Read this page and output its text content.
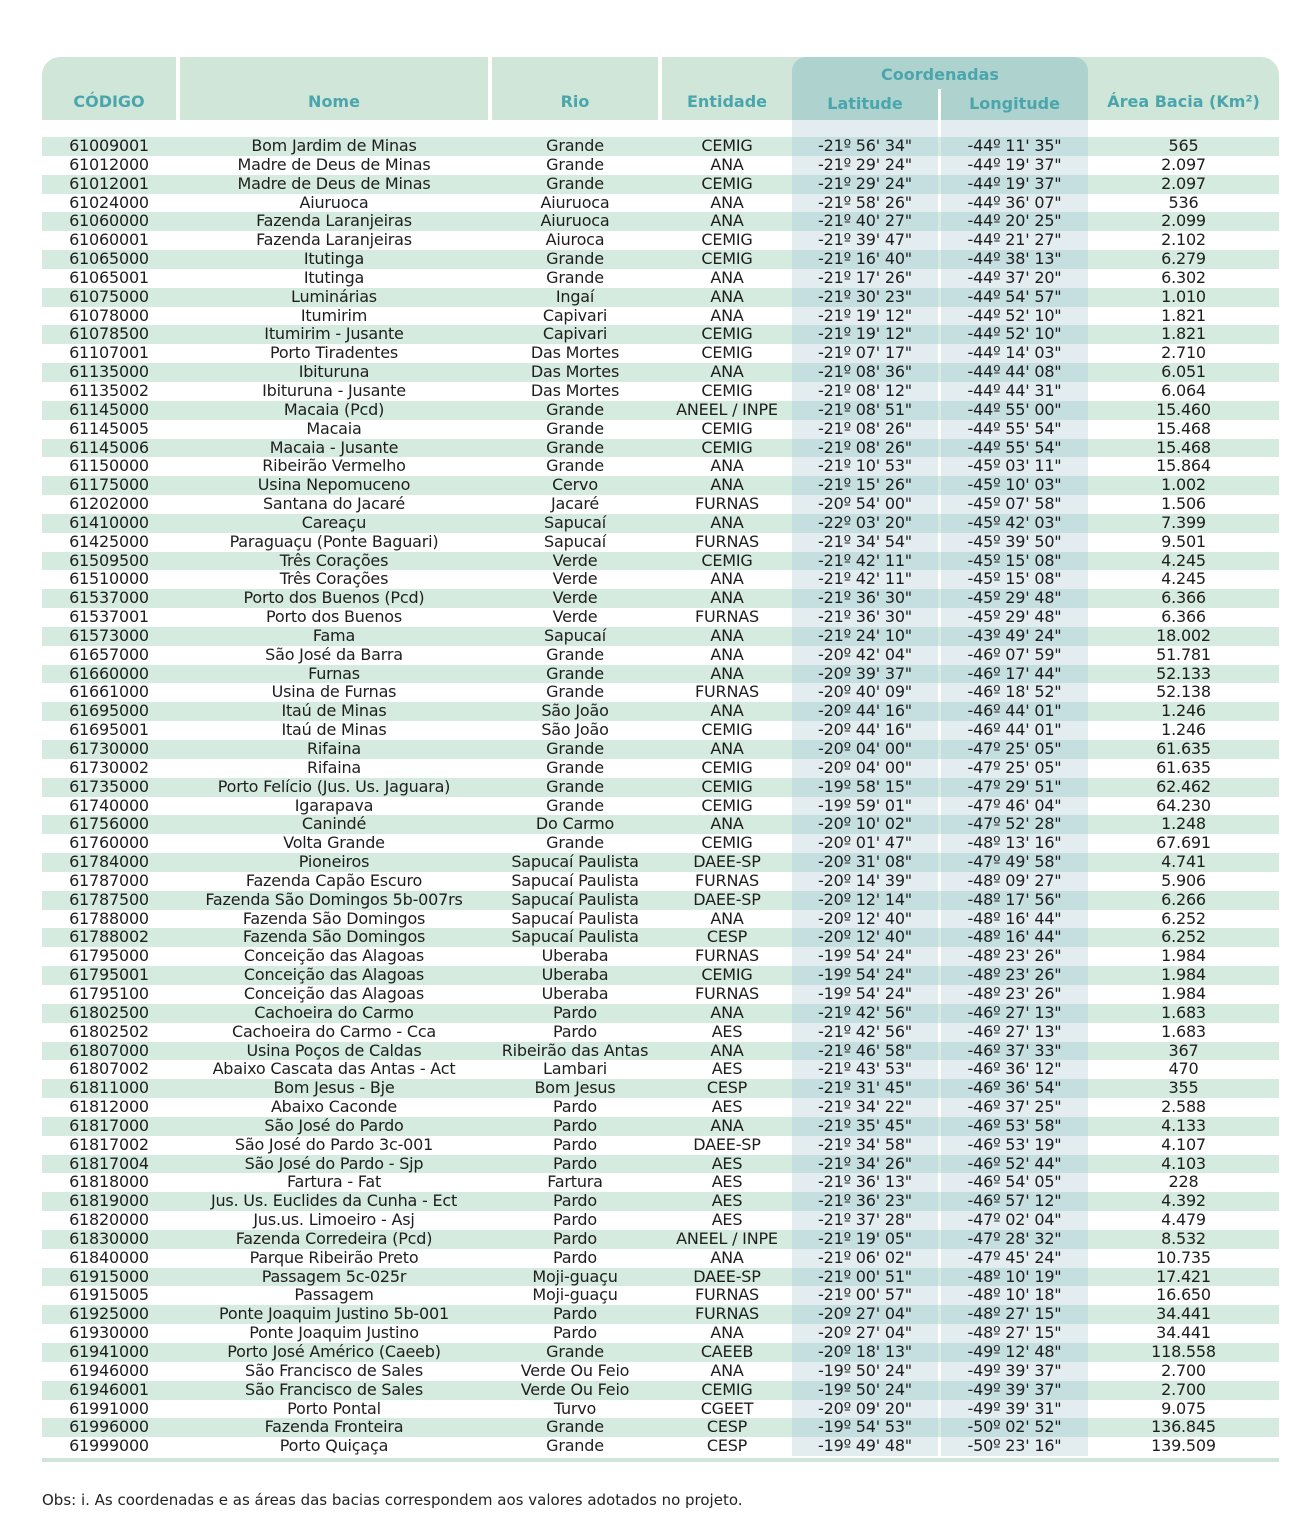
CÓDIGO	Nome	Rio	Entidade
Coordenadas
Latitude	Longitude	Área Bacia (Km²)
61009001	Bom Jardim de Minas	Grande	CEMIG	-21º 56' 34"	-44º 11' 35"	565
61012000	Madre de Deus de Minas	Grande	ANA	-21º 29' 24"	-44º 19' 37"	2.097
61012001	Madre de Deus de Minas	Grande	CEMIG	-21º 29' 24"	-44º 19' 37"	2.097
61024000	Aiuruoca	Aiuruoca	ANA	-21º 58' 26"	-44º 36' 07"	536
61060000	Fazenda Laranjeiras	Aiuruoca	ANA	-21º 40' 27"	-44º 20' 25"	2.099
61060001	Fazenda Laranjeiras	Aiuroca	CEMIG	-21º 39' 47"	-44º 21' 27"	2.102
61065000	Itutinga	Grande	CEMIG	-21º 16' 40"	-44º 38' 13"	6.279
61065001	Itutinga	Grande	ANA	-21º 17' 26"	-44º 37' 20"	6.302
61075000	Luminárias	Ingaí	ANA	-21º 30' 23"	-44º 54' 57"	1.010
61078000	Itumirim	Capivari	ANA	-21º 19' 12"	-44º 52' 10"	1.821
61078500	Itumirim - Jusante	Capivari	CEMIG	-21º 19' 12"	-44º 52' 10"	1.821
61107001	Porto Tiradentes	Das Mortes	CEMIG	-21º 07' 17"	-44º 14' 03"	2.710
61135000	Ibituruna	Das Mortes	ANA	-21º 08' 36"	-44º 44' 08"	6.051
61135002	Ibituruna - Jusante	Das Mortes	CEMIG	-21º 08' 12"	-44º 44' 31"	6.064
61145000	Macaia (Pcd)	Grande	ANEEL / INPE	-21º 08' 51"	-44º 55' 00"	15.460
61145005	Macaia	Grande	CEMIG	-21º 08' 26"	-44º 55' 54"	15.468
61145006	Macaia - Jusante	Grande	CEMIG	-21º 08' 26"	-44º 55' 54"	15.468
61150000	Ribeirão Vermelho	Grande	ANA	-21º 10' 53"	-45º 03' 11"	15.864
61175000	Usina Nepomuceno	Cervo	ANA	-21º 15' 26"	-45º 10' 03"	1.002
61202000	Santana do Jacaré	Jacaré	FURNAS	-20º 54' 00"	-45º 07' 58"	1.506
61410000	Careaçu	Sapucaí	ANA	-22º 03' 20"	-45º 42' 03"	7.399
61425000	Paraguaçu (Ponte Baguari)	Sapucaí	FURNAS	-21º 34' 54"	-45º 39' 50"	9.501
61509500	Três Corações	Verde	CEMIG	-21º 42' 11"	-45º 15' 08"	4.245
61510000	Três Corações	Verde	ANA	-21º 42' 11"	-45º 15' 08"	4.245
61537000	Porto dos Buenos (Pcd)	Verde	ANA	-21º 36' 30"	-45º 29' 48"	6.366
61537001	Porto dos Buenos	Verde	FURNAS	-21º 36' 30"	-45º 29' 48"	6.366
61573000	Fama	Sapucaí	ANA	-21º 24' 10"	-43º 49' 24"	18.002
61657000	São José da Barra	Grande	ANA	-20º 42' 04"	-46º 07' 59"	51.781
61660000	Furnas	Grande	ANA	-20º 39' 37"	-46º 17' 44"	52.133
61661000	Usina de Furnas	Grande	FURNAS	-20º 40' 09"	-46º 18' 52"	52.138
61695000	Itaú de Minas	São João	ANA	-20º 44' 16"	-46º 44' 01"	1.246
61695001	Itaú de Minas	São João	CEMIG	-20º 44' 16"	-46º 44' 01"	1.246
61730000	Rifaina	Grande	ANA	-20º 04' 00"	-47º 25' 05"	61.635
61730002	Rifaina	Grande	CEMIG	-20º 04' 00"	-47º 25' 05"	61.635
61735000	Porto Felício (Jus. Us. Jaguara)	Grande	CEMIG	-19º 58' 15"	-47º 29' 51"	62.462
61740000	Igarapava	Grande	CEMIG	-19º 59' 01"	-47º 46' 04"	64.230
61756000	Canindé	Do Carmo	ANA	-20º 10' 02"	-47º 52' 28"	1.248
61760000	Volta Grande	Grande	CEMIG	-20º 01' 47"	-48º 13' 16"	67.691
61784000	Pioneiros	Sapucaí Paulista	DAEE-SP	-20º 31' 08"	-47º 49' 58"	4.741
61787000	Fazenda Capão Escuro	Sapucaí Paulista	FURNAS	-20º 14' 39"	-48º 09' 27"	5.906
61787500	Fazenda São Domingos 5b-007rs	Sapucaí Paulista	DAEE-SP	-20º 12' 14"	-48º 17' 56"	6.266
61788000	Fazenda São Domingos	Sapucaí Paulista	ANA	-20º 12' 40"	-48º 16' 44"	6.252
61788002	Fazenda São Domingos	Sapucaí Paulista	CESP	-20º 12' 40"	-48º 16' 44"	6.252
61795000	Conceição das Alagoas	Uberaba	FURNAS	-19º 54' 24"	-48º 23' 26"	1.984
61795001	Conceição das Alagoas	Uberaba	CEMIG	-19º 54' 24"	-48º 23' 26"	1.984
61795100	Conceição das Alagoas	Uberaba	FURNAS	-19º 54' 24"	-48º 23' 26"	1.984
61802500	Cachoeira do Carmo	Pardo	ANA	-21º 42' 56"	-46º 27' 13"	1.683
61802502	Cachoeira do Carmo - Cca	Pardo	AES	-21º 42' 56"	-46º 27' 13"	1.683
61807000	Usina Poços de Caldas	Ribeirão das Antas	ANA	-21º 46' 58"	-46º 37' 33"	367
61807002	Abaixo Cascata das Antas - Act	Lambari	AES	-21º 43' 53"	-46º 36' 12"	470
61811000	Bom Jesus - Bje	Bom Jesus	CESP	-21º 31' 45"	-46º 36' 54"	355
61812000	Abaixo Caconde	Pardo	AES	-21º 34' 22"	-46º 37' 25"	2.588
61817000	São José do Pardo	Pardo	ANA	-21º 35' 45"	-46º 53' 58"	4.133
61817002	São José do Pardo 3c-001	Pardo	DAEE-SP	-21º 34' 58"	-46º 53' 19"	4.107
61817004	São José do Pardo - Sjp	Pardo	AES	-21º 34' 26"	-46º 52' 44"	4.103
61818000	Fartura - Fat	Fartura	AES	-21º 36' 13"	-46º 54' 05"	228
61819000	Jus. Us. Euclides da Cunha - Ect	Pardo	AES	-21º 36' 23"	-46º 57' 12"	4.392
61820000	Jus.us. Limoeiro - Asj	Pardo	AES	-21º 37' 28"	-47º 02' 04"	4.479
61830000	Fazenda Corredeira (Pcd)	Pardo	ANEEL / INPE	-21º 19' 05"	-47º 28' 32"	8.532
61840000	Parque Ribeirão Preto	Pardo	ANA	-21º 06' 02"	-47º 45' 24"	10.735
61915000	Passagem 5c-025r	Moji-guaçu	DAEE-SP	-21º 00' 51"	-48º 10' 19"	17.421
61915005	Passagem	Moji-guaçu	FURNAS	-21º 00' 57"	-48º 10' 18"	16.650
61925000	Ponte Joaquim Justino 5b-001	Pardo	FURNAS	-20º 27' 04"	-48º 27' 15"	34.441
61930000	Ponte Joaquim Justino	Pardo	ANA	-20º 27' 04"	-48º 27' 15"	34.441
61941000	Porto José Américo (Caeeb)	Grande	CAEEB	-20º 18' 13"	-49º 12' 48"	118.558
61946000	São Francisco de Sales	Verde Ou Feio	ANA	-19º 50' 24"	-49º 39' 37"	2.700
61946001	São Francisco de Sales	Verde Ou Feio	CEMIG	-19º 50' 24"	-49º 39' 37"	2.700
61991000	Porto Pontal	Turvo	CGEET	-20º 09' 20"	-49º 39' 31"	9.075
61996000	Fazenda Fronteira	Grande	CESP	-19º 54' 53"	-50º 02' 52"	136.845
61999000	Porto Quiçaça	Grande	CESP	-19º 49' 48"	-50º 23' 16"	139.509
Obs: i. As coordenadas e as áreas das bacias correspondem aos valores adotados no projeto.
